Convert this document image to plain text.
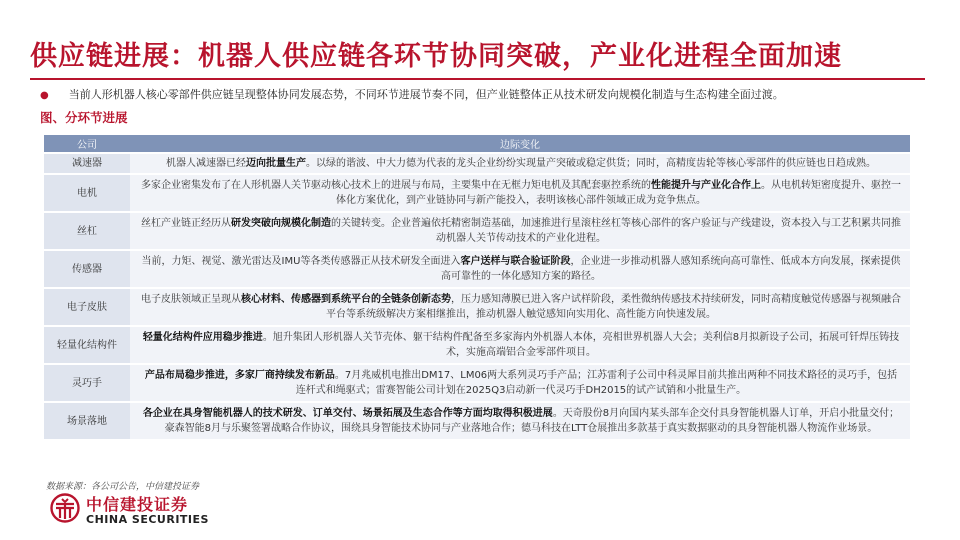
供应链进展：机器人供应链各环节协同突破，产业化进程全面加速
● 当前人形机器人核心零部件供应链呈现整体协同发展态势，不同环节进展节奏不同，但产业链整体正从技术研发向规模化制造与生态构建全面过渡。
图、分环节进展
公司	边际变化
减速器	机器人减速器已经迈向批量生产。以绿的谐波、中大力德为代表的龙头企业纷纷实现量产突破或稳定供货；同时，高精度齿轮等核心零部件的供应链也日趋成熟。
电机	多家企业密集发布了在人形机器人关节驱动核心技术上的进展与布局，主要集中在无框力矩电机及其配套驱控系统的性能提升与产业化合作上。从电机转矩密度提升、驱控一体化方案优化，到产业链协同与新产能投入，表明该核心部件领域正成为竞争焦点。
丝杠	丝杠产业链正经历从研发突破向规模化制造的关键转变。企业普遍依托精密制造基础，加速推进行星滚柱丝杠等核心部件的客户验证与产线建设，资本投入与工艺积累共同推动机器人关节传动技术的产业化进程。
传感器	当前，力矩、视觉、激光雷达及IMU等各类传感器正从技术研发全面进入客户送样与联合验证阶段，企业进一步推动机器人感知系统向高可靠性、低成本方向发展，探索提供高可靠性的一体化感知方案的路径。
电子皮肤	电子皮肤领域正呈现从核心材料、传感器到系统平台的全链条创新态势，压力感知薄膜已进入客户试样阶段，柔性微纳传感技术持续研发，同时高精度触觉传感器与视频融合平台等系统级解决方案相继推出，推动机器人触觉感知向实用化、高性能方向快速发展。
轻量化结构件	轻量化结构件应用稳步推进。旭升集团人形机器人关节壳体、躯干结构件配备至多家海内外机器人本体，亮相世界机器人大会；美利信8月拟新设子公司，拓展可钎焊压铸技术，实施高端铝合金零部件项目。
灵巧手	产品布局稳步推进，多家厂商持续发布新品。7月兆威机电推出DM17、LM06两大系列灵巧手产品；江苏雷利子公司中科灵犀目前共推出两种不同技术路径的灵巧手，包括连杆式和绳驱式；雷赛智能公司计划在2025Q3启动新一代灵巧手DH2015的试产试销和小批量生产。
场景落地	各企业在具身智能机器人的技术研发、订单交付、场景拓展及生态合作等方面均取得积极进展。天奇股份8月向国内某头部车企交付具身智能机器人订单，开启小批量交付；豪森智能8月与乐聚签署战略合作协议，围绕具身智能技术协同与产业落地合作；德马科技在LTT仓展推出多款基于真实数据驱动的具身智能机器人物流作业场景。
数据来源：各公司公告，中信建投证券
中信建投证券
CHINA SECURITIES
